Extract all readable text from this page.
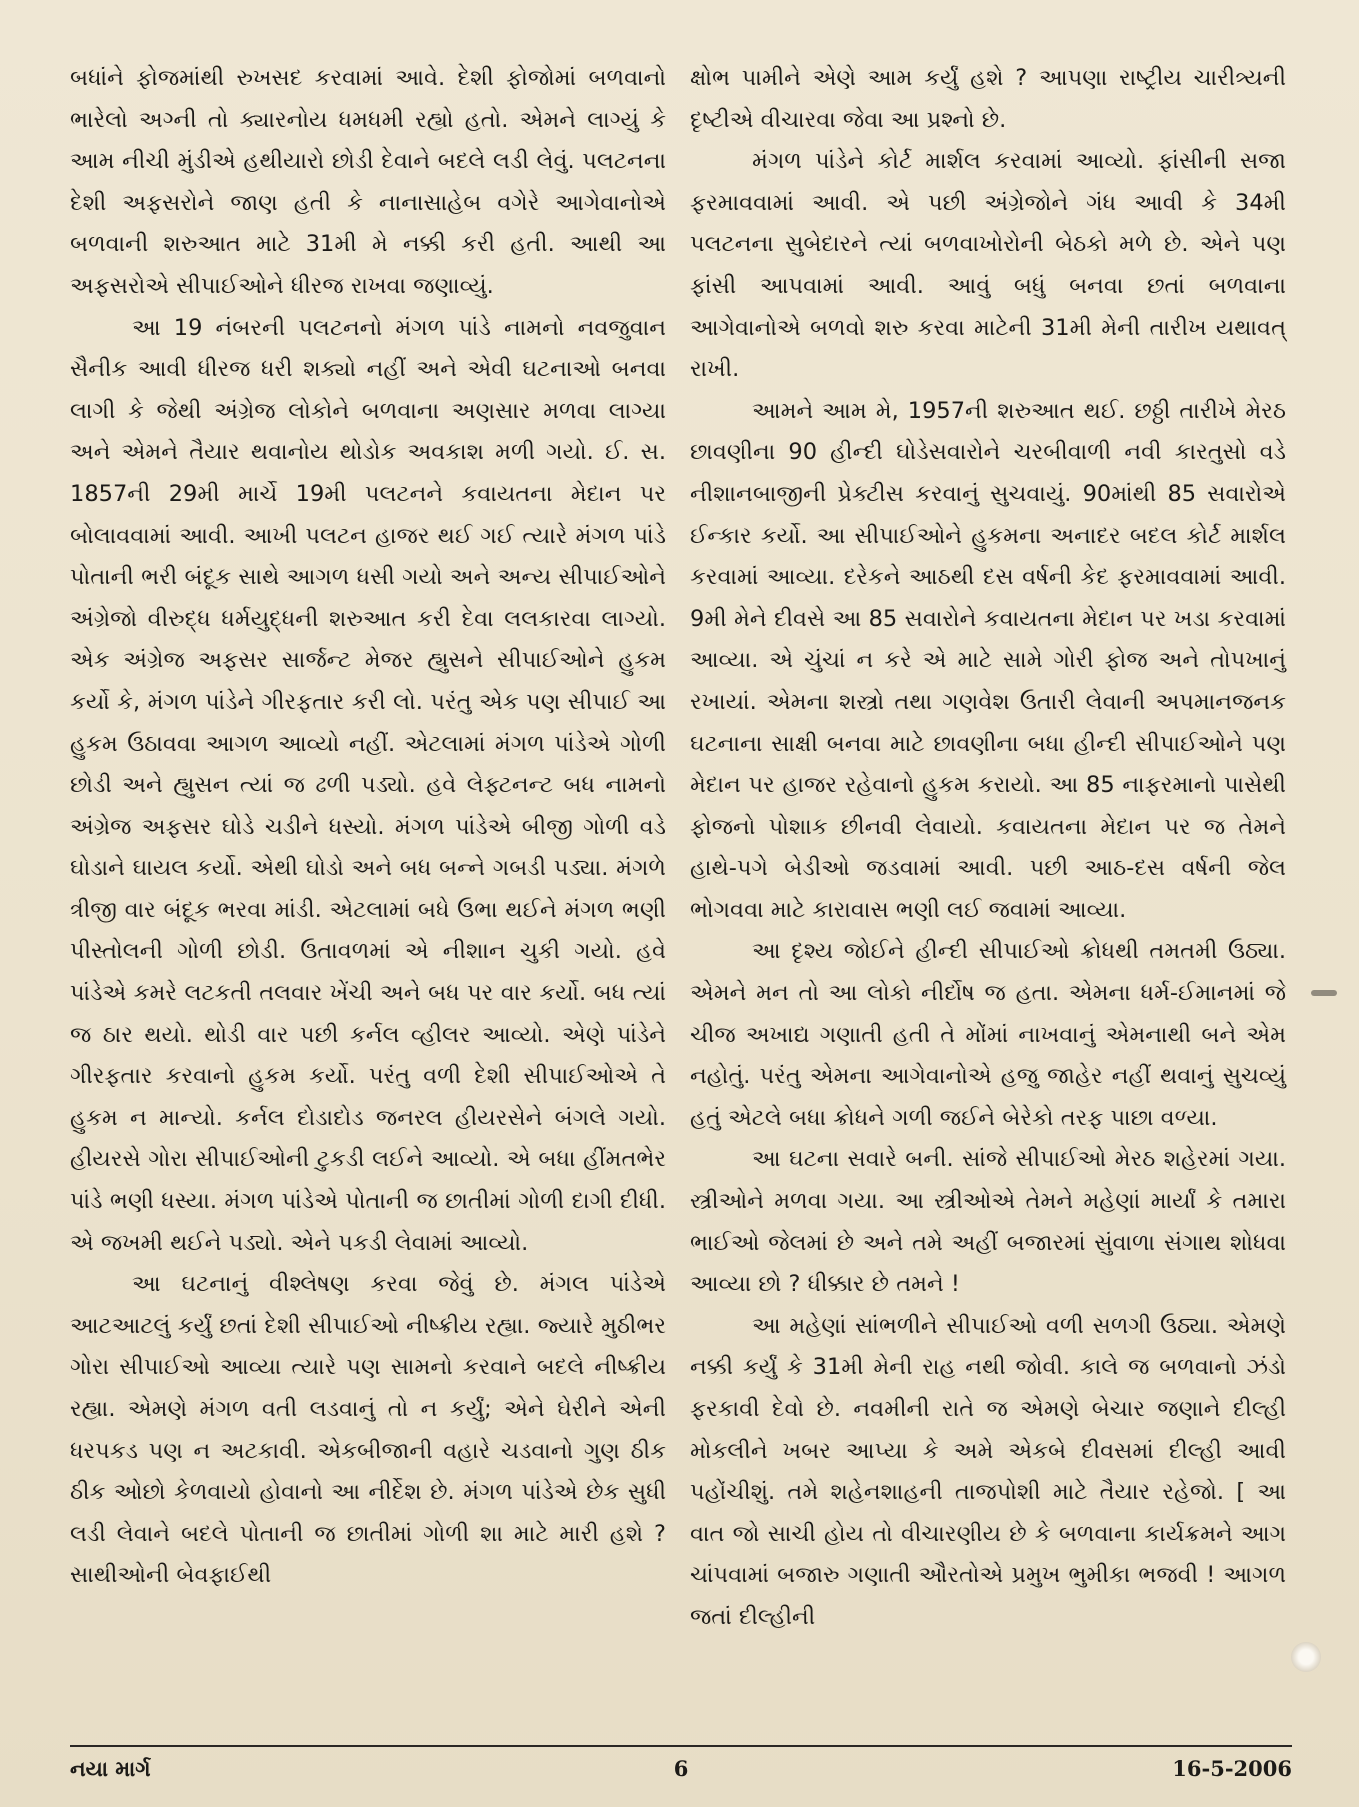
બધાંને ફોજમાંથી રુખસદ કરવામાં આવે. દેશી ફોજોમાં બળવાનો ભારેલો અગ્ની તો ક્યારનોય ધમધમી રહ્યો હતો. એમને લાગ્યું કે આમ નીચી મુંડીએ હથીયારો છોડી દેવાને બદલે લડી લેવું. પલટનના દેશી અફસરોને જાણ હતી કે નાનાસાહેબ વગેરે આગેવાનોએ બળવાની શરુઆત માટે 31મી મે નક્કી કરી હતી. આથી આ અફસરોએ સીપાઈઓને ધીરજ રાખવા જણાવ્યું.

આ 19 નંબરની પલટનનો મંગળ પાંડે નામનો નવજુવાન સૈનીક આવી ધીરજ ધરી શક્યો નહીં અને એવી ઘટનાઓ બનવા લાગી કે જેથી અંગ્રેજ લોકોને બળવાના અણસાર મળવા લાગ્યા અને એમને તૈયાર થવાનોય થોડોક અવકાશ મળી ગયો. ઈ. સ. 1857ની 29મી માર્ચે 19મી પલટનને કવાયતના મેદાન પર બોલાવવામાં આવી. આખી પલટન હાજર થઈ ગઈ ત્યારે મંગળ પાંડે પોતાની ભરી બંદૂક સાથે આગળ ધસી ગયો અને અન્ય સીપાઈઓને અંગ્રેજો વીરુદ્ધ ધર્મયુદ્ધની શરુઆત કરી દેવા લલકારવા લાગ્યો. એક અંગ્રેજ અફસર સાર્જન્ટ મેજર હ્યુસને સીપાઈઓને હુકમ કર્યો કે, મંગળ પાંડેને ગીરફતાર કરી લો. પરંતુ એક પણ સીપાઈ આ હુકમ ઉઠાવવા આગળ આવ્યો નહીં. એટલામાં મંગળ પાંડેએ ગોળી છોડી અને હ્યુસન ત્યાં જ ઢળી પડ્યો. હવે લેફ્ટનન્ટ બધ નામનો અંગ્રેજ અફસર ઘોડે ચડીને ધસ્યો. મંગળ પાંડેએ બીજી ગોળી વડે ઘોડાને ઘાયલ કર્યો. એથી ઘોડો અને બધ બન્ને ગબડી પડ્યા. મંગળે ત્રીજી વાર બંદૂક ભરવા માંડી. એટલામાં બધે ઉભા થઈને મંગળ ભણી પીસ્તોલની ગોળી છોડી. ઉતાવળમાં એ નીશાન ચુકી ગયો. હવે પાંડેએ કમરે લટકતી તલવાર ખેંચી અને બધ પર વાર કર્યો. બધ ત્યાં જ ઠાર થયો. થોડી વાર પછી કર્નલ વ્હીલર આવ્યો. એણે પાંડેને ગીરફતાર કરવાનો હુકમ કર્યો. પરંતુ વળી દેશી સીપાઈઓએ તે હુકમ ન માન્યો. કર્નલ દોડાદોડ જનરલ હીયરસેને બંગલે ગયો. હીયરસે ગોરા સીપાઈઓની ટુકડી લઈને આવ્યો. એ બધા હીંમતભેર પાંડે ભણી ધસ્યા. મંગળ પાંડેએ પોતાની જ છાતીમાં ગોળી દાગી દીધી. એ જખમી થઈને પડ્યો. એને પકડી લેવામાં આવ્યો.

આ ઘટનાનું વીશ્લેષણ કરવા જેવું છે. મંગલ પાંડેએ આટઆટલું કર્યું છતાં દેશી સીપાઈઓ નીષ્ક્રીય રહ્યા. જ્યારે મુઠીભર ગોરા સીપાઈઓ આવ્યા ત્યારે પણ સામનો કરવાને બદલે નીષ્ક્રીય રહ્યા. એમણે મંગળ વતી લડવાનું તો ન કર્યું; એને ઘેરીને એની ધરપકડ પણ ન અટકાવી. એકબીજાની વહારે ચડવાનો ગુણ ઠીક ઠીક ઓછો કેળવાયો હોવાનો આ નીર્દેશ છે. મંગળ પાંડેએ છેક સુધી લડી લેવાને બદલે પોતાની જ છાતીમાં ગોળી શા માટે મારી હશે ? સાથીઓની બેવફાઈથી

ક્ષોભ પામીને એણે આમ કર્યું હશે ? આપણા રાષ્ટ્રીય ચારીત્ર્યની દૃષ્ટીએ વીચારવા જેવા આ પ્રશ્નો છે.

મંગળ પાંડેને કોર્ટ માર્શલ કરવામાં આવ્યો. ફાંસીની સજા ફરમાવવામાં આવી. એ પછી અંગ્રેજોને ગંધ આવી કે 34મી પલટનના સુબેદારને ત્યાં બળવાખોરોની બેઠકો મળે છે. એને પણ ફાંસી આપવામાં આવી. આવું બધું બનવા છતાં બળવાના આગેવાનોએ બળવો શરુ કરવા માટેની 31મી મેની તારીખ યથાવત્ રાખી.

આમને આમ મે, 1957ની શરુઆત થઈ. છઠ્ઠી તારીખે મેરઠ છાવણીના 90 હીન્દી ઘોડેસવારોને ચરબીવાળી નવી કારતુસો વડે નીશાનબાજીની પ્રેક્ટીસ કરવાનું સુચવાયું. 90માંથી 85 સવારોએ ઈન્કાર કર્યો. આ સીપાઈઓને હુકમના અનાદર બદલ કોર્ટ માર્શલ કરવામાં આવ્યા. દરેકને આઠથી દસ વર્ષની કેદ ફરમાવવામાં આવી. 9મી મેને દીવસે આ 85 સવારોને કવાયતના મેદાન પર ખડા કરવામાં આવ્યા. એ ચુંચાં ન કરે એ માટે સામે ગોરી ફોજ અને તોપખાનું રખાયાં. એમના શસ્ત્રો તથા ગણવેશ ઉતારી લેવાની અપમાનજનક ઘટનાના સાક્ષી બનવા માટે છાવણીના બધા હીન્દી સીપાઈઓને પણ મેદાન પર હાજર રહેવાનો હુકમ કરાયો. આ 85 નાફરમાનો પાસેથી ફોજનો પોશાક છીનવી લેવાયો. કવાયતના મેદાન પર જ તેમને હાથે-પગે બેડીઓ જડવામાં આવી. પછી આઠ-દસ વર્ષની જેલ ભોગવવા માટે કારાવાસ ભણી લઈ જવામાં આવ્યા.

આ દૃશ્ય જોઈને હીન્દી સીપાઈઓ ક્રોધથી તમતમી ઉઠ્યા. એમને મન તો આ લોકો નીર્દોષ જ હતા. એમના ધર્મ-ઈમાનમાં જે ચીજ અખાદ્ય ગણાતી હતી તે મોંમાં નાખવાનું એમનાથી બને એમ નહોતું. પરંતુ એમના આગેવાનોએ હજુ જાહેર નહીં થવાનું સુચવ્યું હતું એટલે બધા ક્રોધને ગળી જઈને બેરેકો તરફ પાછા વળ્યા.

આ ઘટના સવારે બની. સાંજે સીપાઈઓ મેરઠ શહેરમાં ગયા. સ્ત્રીઓને મળવા ગયા. આ સ્ત્રીઓએ તેમને મહેણાં માર્યાં કે તમારા ભાઈઓ જેલમાં છે અને તમે અહીં બજારમાં સુંવાળા સંગાથ શોધવા આવ્યા છો ? ધીક્કાર છે તમને !

આ મહેણાં સાંભળીને સીપાઈઓ વળી સળગી ઉઠ્યા. એમણે નક્કી કર્યું કે 31મી મેની રાહ નથી જોવી. કાલે જ બળવાનો ઝંડો ફરકાવી દેવો છે. નવમીની રાતે જ એમણે બેચાર જણાને દીલ્હી મોકલીને ખબર આપ્યા કે અમે એકબે દીવસમાં દીલ્હી આવી પહોંચીશું. તમે શહેનશાહની તાજપોશી માટે તૈયાર રહેજો. [ આ વાત જો સાચી હોય તો વીચારણીય છે કે બળવાના કાર્યક્રમને આગ ચાંપવામાં બજારુ ગણાતી ઔરતોએ પ્રમુખ ભુમીકા ભજવી ! આગળ જતાં દીલ્હીની

નયા માર્ગ	6	16-5-2006
